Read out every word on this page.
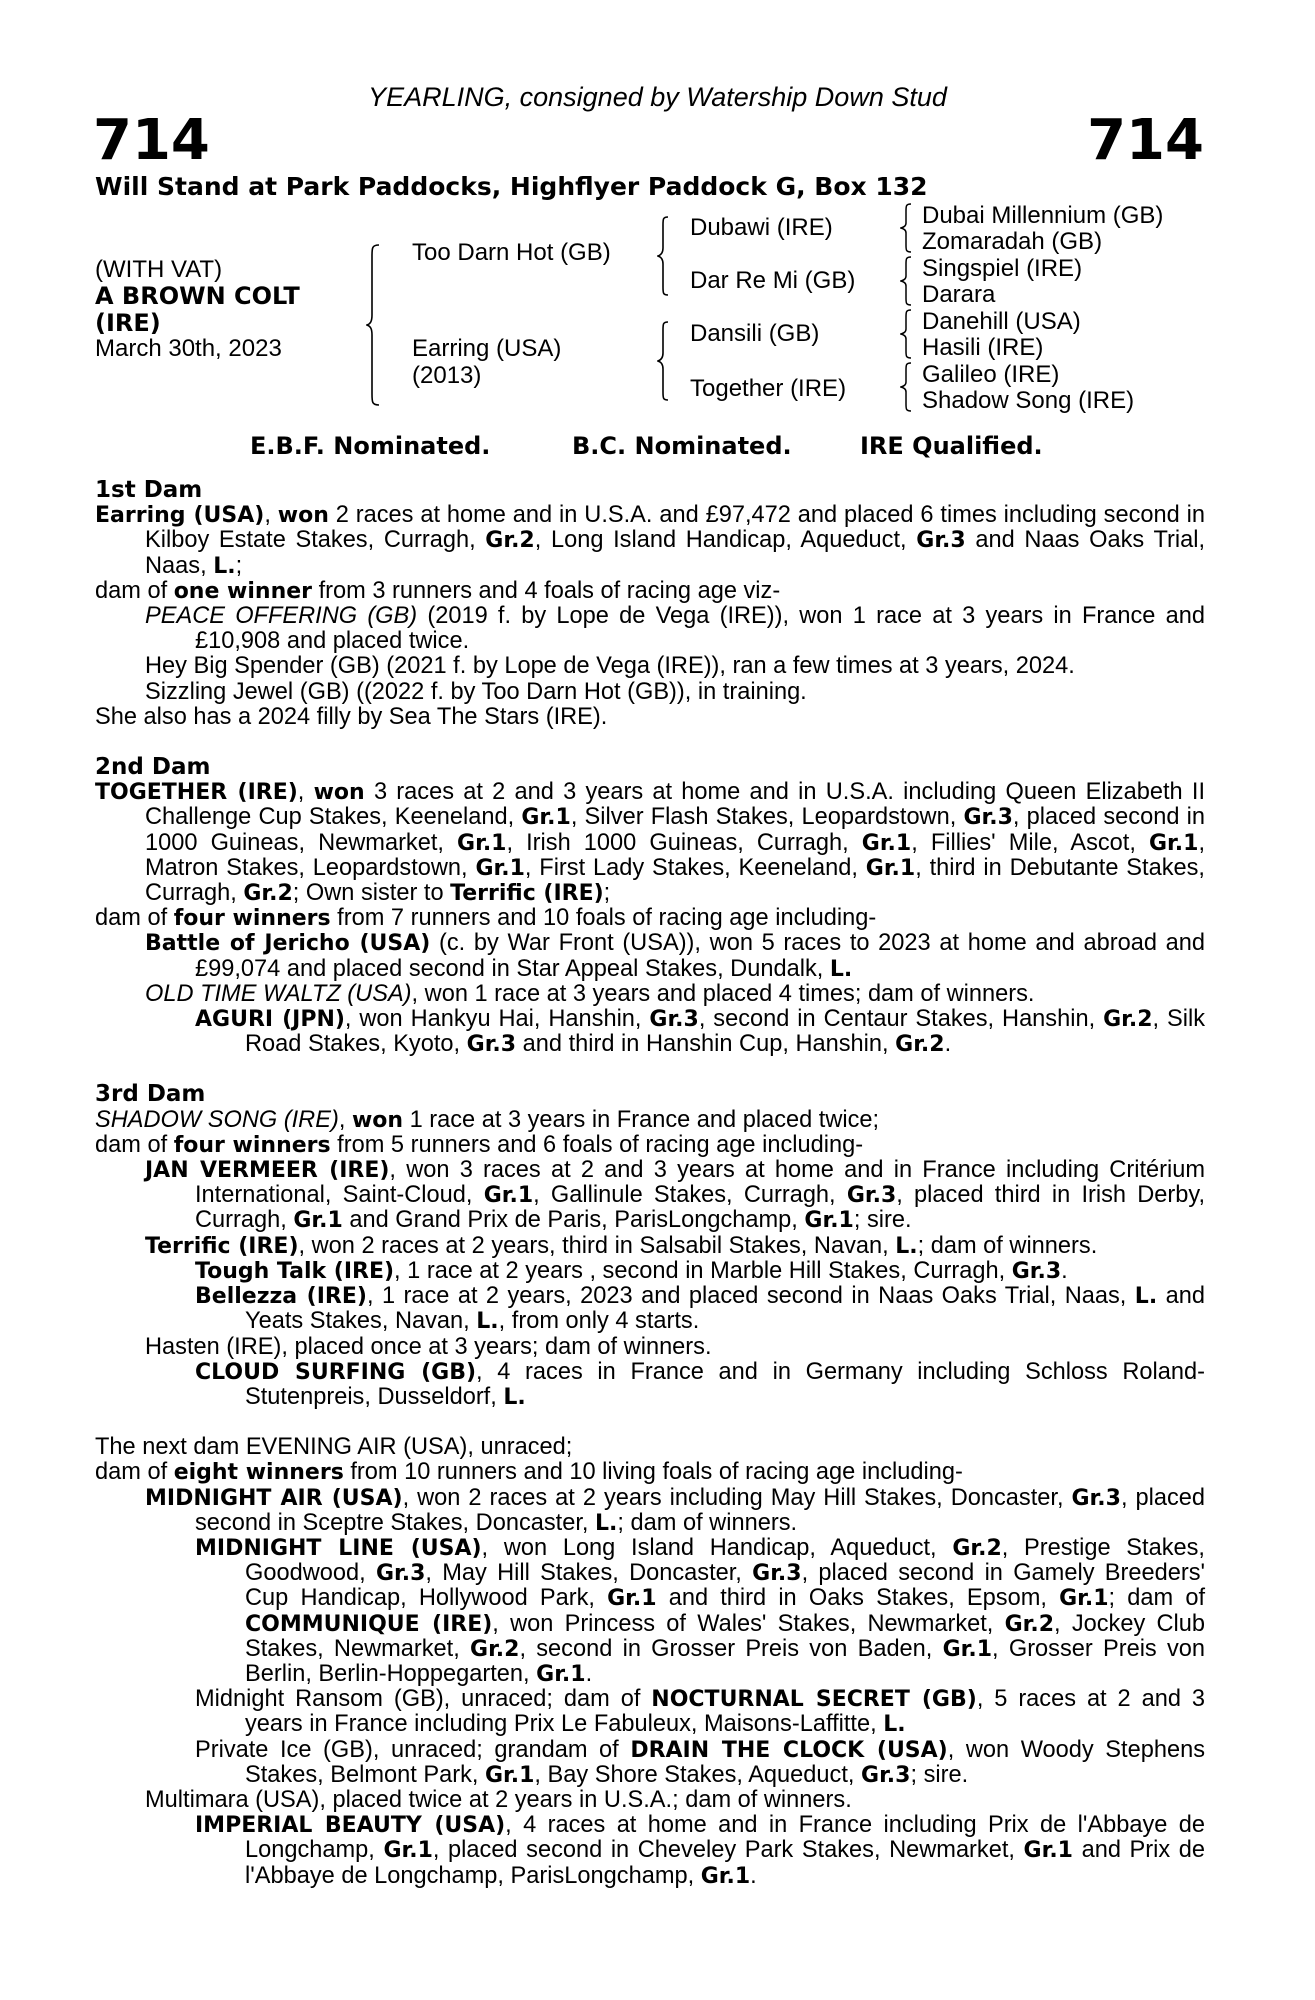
YEARLING, consigned by Watership Down Stud
714	714
Will Stand at Park Paddocks, Highflyer Paddock G, Box 132
(WITH VAT)
A BROWN COLT
(IRE)
March 30th, 2023
Too Darn Hot (GB)
Earring (USA)
(2013)
Dubawi (IRE)
Dar Re Mi (GB)
Dansili (GB)
Together (IRE)
Dubai Millennium (GB)
Zomaradah (GB)
Singspiel (IRE)
Darara
Danehill (USA)
Hasili (IRE)
Galileo (IRE)
Shadow Song (IRE)
E.B.F. Nominated.	B.C. Nominated.	IRE Qualified.
1st Dam

Earring (USA), won 2 races at home and in U.S.A. and £97,472 and placed 6 times including second in Kilboy Estate Stakes, Curragh, Gr.2, Long Island Handicap, Aqueduct, Gr.3 and Naas Oaks Trial, Naas, L.;

dam of one winner from 3 runners and 4 foals of racing age viz-

PEACE OFFERING (GB) (2019 f. by Lope de Vega (IRE)), won 1 race at 3 years in France and £10,908 and placed twice.

Hey Big Spender (GB) (2021 f. by Lope de Vega (IRE)), ran a few times at 3 years, 2024.

Sizzling Jewel (GB) ((2022 f. by Too Darn Hot (GB)), in training.

She also has a 2024 filly by Sea The Stars (IRE).

2nd Dam

TOGETHER (IRE), won 3 races at 2 and 3 years at home and in U.S.A. including Queen Elizabeth II Challenge Cup Stakes, Keeneland, Gr.1, Silver Flash Stakes, Leopardstown, Gr.3, placed second in 1000 Guineas, Newmarket, Gr.1, Irish 1000 Guineas, Curragh, Gr.1, Fillies' Mile, Ascot, Gr.1, Matron Stakes, Leopardstown, Gr.1, First Lady Stakes, Keeneland, Gr.1, third in Debutante Stakes, Curragh, Gr.2; Own sister to Terrific (IRE);

dam of four winners from 7 runners and 10 foals of racing age including-

Battle of Jericho (USA) (c. by War Front (USA)), won 5 races to 2023 at home and abroad and £99,074 and placed second in Star Appeal Stakes, Dundalk, L.

OLD TIME WALTZ (USA), won 1 race at 3 years and placed 4 times; dam of winners.

AGURI (JPN), won Hankyu Hai, Hanshin, Gr.3, second in Centaur Stakes, Hanshin, Gr.2, Silk Road Stakes, Kyoto, Gr.3 and third in Hanshin Cup, Hanshin, Gr.2.

3rd Dam

SHADOW SONG (IRE), won 1 race at 3 years in France and placed twice;

dam of four winners from 5 runners and 6 foals of racing age including-

JAN VERMEER (IRE), won 3 races at 2 and 3 years at home and in France including Critérium International, Saint-Cloud, Gr.1, Gallinule Stakes, Curragh, Gr.3, placed third in Irish Derby, Curragh, Gr.1 and Grand Prix de Paris, ParisLongchamp, Gr.1; sire.

Terrific (IRE), won 2 races at 2 years, third in Salsabil Stakes, Navan, L.; dam of winners.

Tough Talk (IRE), 1 race at 2 years , second in Marble Hill Stakes, Curragh, Gr.3.

Bellezza (IRE), 1 race at 2 years, 2023 and placed second in Naas Oaks Trial, Naas, L. and Yeats Stakes, Navan, L., from only 4 starts.

Hasten (IRE), placed once at 3 years; dam of winners.

CLOUD SURFING (GB), 4 races in France and in Germany including Schloss Roland-Stutenpreis, Dusseldorf, L.

The next dam EVENING AIR (USA), unraced;

dam of eight winners from 10 runners and 10 living foals of racing age including-

MIDNIGHT AIR (USA), won 2 races at 2 years including May Hill Stakes, Doncaster, Gr.3, placed second in Sceptre Stakes, Doncaster, L.; dam of winners.

MIDNIGHT LINE (USA), won Long Island Handicap, Aqueduct, Gr.2, Prestige Stakes, Goodwood, Gr.3, May Hill Stakes, Doncaster, Gr.3, placed second in Gamely Breeders' Cup Handicap, Hollywood Park, Gr.1 and third in Oaks Stakes, Epsom, Gr.1; dam of COMMUNIQUE (IRE), won Princess of Wales' Stakes, Newmarket, Gr.2, Jockey Club Stakes, Newmarket, Gr.2, second in Grosser Preis von Baden, Gr.1, Grosser Preis von Berlin, Berlin-Hoppegarten, Gr.1.

Midnight Ransom (GB), unraced; dam of NOCTURNAL SECRET (GB), 5 races at 2 and 3 years in France including Prix Le Fabuleux, Maisons-Laffitte, L.

Private Ice (GB), unraced; grandam of DRAIN THE CLOCK (USA), won Woody Stephens Stakes, Belmont Park, Gr.1, Bay Shore Stakes, Aqueduct, Gr.3; sire.

Multimara (USA), placed twice at 2 years in U.S.A.; dam of winners.

IMPERIAL BEAUTY (USA), 4 races at home and in France including Prix de l'Abbaye de Longchamp, Gr.1, placed second in Cheveley Park Stakes, Newmarket, Gr.1 and Prix de l'Abbaye de Longchamp, ParisLongchamp, Gr.1.
